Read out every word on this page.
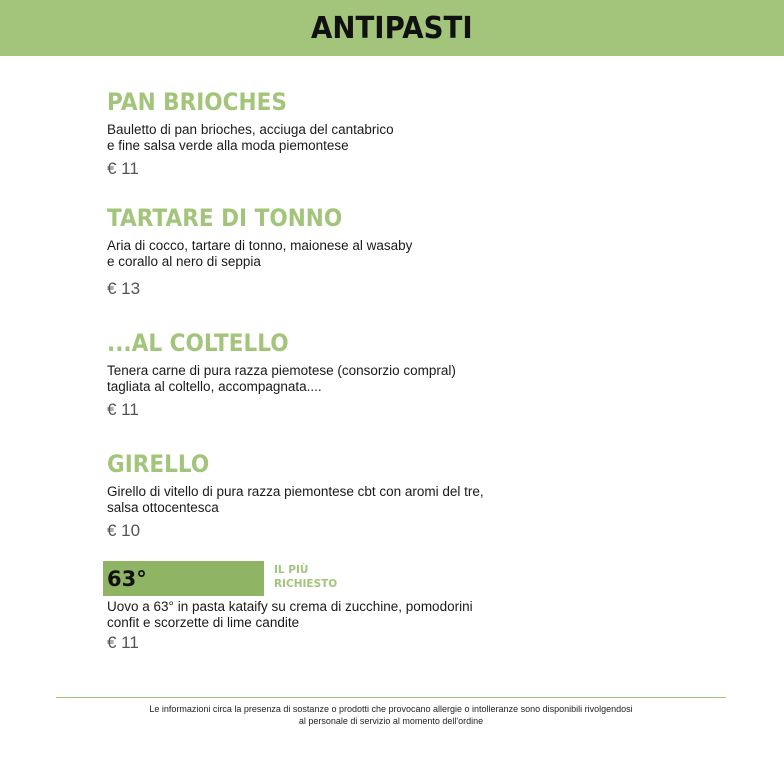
ANTIPASTI
PAN BRIOCHES
Bauletto di pan brioches, acciuga del cantabrico
e fine salsa verde alla moda piemontese
€ 11
TARTARE DI TONNO
Aria di cocco, tartare di tonno, maionese al wasaby
e corallo al nero di seppia
€ 13
...AL COLTELLO
Tenera carne di pura razza piemotese (consorzio compral)
tagliata al coltello, accompagnata....
€ 11
GIRELLO
Girello di vitello di pura razza piemontese cbt con aromi del tre,
salsa ottocentesca
€ 10
63°	IL PIÙ
RICHIESTO
Uovo a 63° in pasta kataify su crema di zucchine, pomodorini
confit e scorzette di lime candite
€ 11
Le informazioni circa la presenza di sostanze o prodotti che provocano allergie o intolleranze sono disponibili rivolgendosi
al personale di servizio al momento dell'ordine
